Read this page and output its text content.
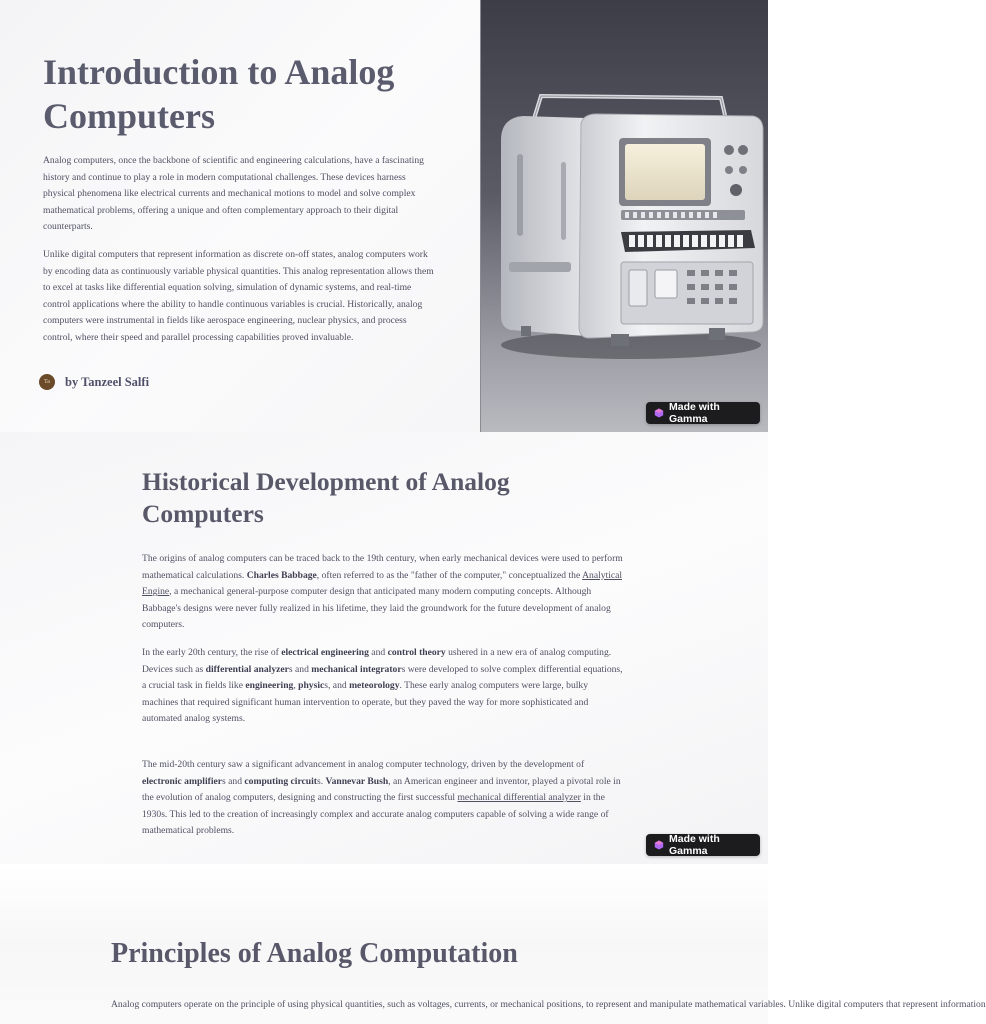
Introduction to Analog Computers

Analog computers, once the backbone of scientific and engineering calculations, have a fascinating history and continue to play a role in modern computational challenges. These devices harness physical phenomena like electrical currents and mechanical motions to model and solve complex mathematical problems, offering a unique and often complementary approach to their digital counterparts.

Unlike digital computers that represent information as discrete on-off states, analog computers work by encoding data as continuously variable physical quantities. This analog representation allows them to excel at tasks like differential equation solving, simulation of dynamic systems, and real-time control applications where the ability to handle continuous variables is crucial. Historically, analog computers were instrumental in fields like aerospace engineering, nuclear physics, and process control, where their speed and parallel processing capabilities proved invaluable.

Ta	by Tanzeel Salfi
Made with Gamma
Historical Development of Analog Computers

The origins of analog computers can be traced back to the 19th century, when early mechanical devices were used to perform mathematical calculations. Charles Babbage, often referred to as the "father of the computer," conceptualized the Analytical Engine, a mechanical general-purpose computer design that anticipated many modern computing concepts. Although Babbage's designs were never fully realized in his lifetime, they laid the groundwork for the future development of analog computers.

In the early 20th century, the rise of electrical engineering and control theory ushered in a new era of analog computing. Devices such as differential analyzers and mechanical integrators were developed to solve complex differential equations, a crucial task in fields like engineering, physics, and meteorology. These early analog computers were large, bulky machines that required significant human intervention to operate, but they paved the way for more sophisticated and automated analog systems.

The mid-20th century saw a significant advancement in analog computer technology, driven by the development of electronic amplifiers and computing circuits. Vannevar Bush, an American engineer and inventor, played a pivotal role in the evolution of analog computers, designing and constructing the first successful mechanical differential analyzer in the 1930s. This led to the creation of increasingly complex and accurate analog computers capable of solving a wide range of mathematical problems.

Made with Gamma
Principles of Analog Computation

Analog computers operate on the principle of using physical quantities, such as voltages, currents, or mechanical positions, to represent and manipulate mathematical variables. Unlike digital computers that represent information
